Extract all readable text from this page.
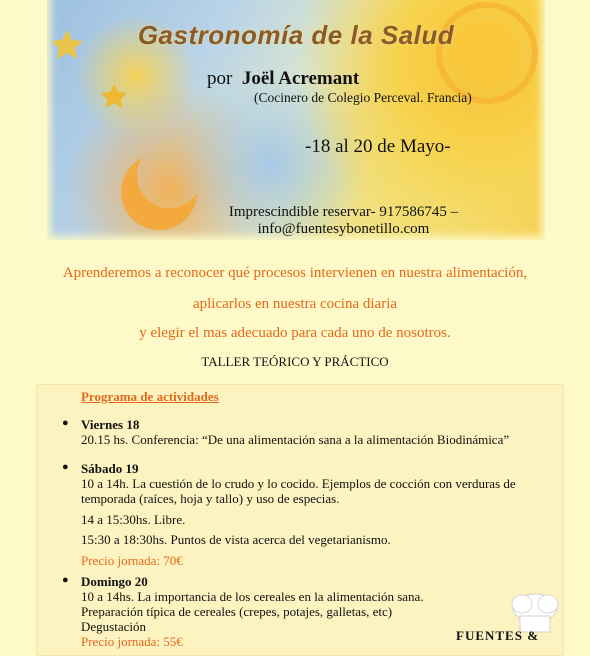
Gastronomía de la Salud
por Joël Acremant
(Cocinero de Colegio Perceval. Francia)
-18 al 20 de Mayo-
Imprescindible reservar- 917586745 – info@fuentesybonetillo.com
Aprenderemos a reconocer qué procesos intervienen en nuestra alimentación,
aplicarlos en nuestra cocina diaria
y elegir el mas adecuado para cada uno de nosotros.
TALLER TEÓRICO Y PRÁCTICO
Programa de actividades
● Viernes 18
20.15 hs. Conferencia: “De una alimentación sana a la alimentación Biodinámica”
● Sábado 19
10 a 14h. La cuestión de lo crudo y lo cocido. Ejemplos de cocción con verduras de
temporada (raíces, hoja y tallo) y uso de especias.
14 a 15:30hs. Libre.
15:30 a 18:30hs. Puntos de vista acerca del vegetarianismo.
Precio jornada: 70€
● Domingo 20
10 a 14hs. La importancia de los cereales en la alimentación sana.
Preparación típica de cereales (crepes, potajes, galletas, etc)
Degustación
Precio jornada: 55€	FUENTES &
